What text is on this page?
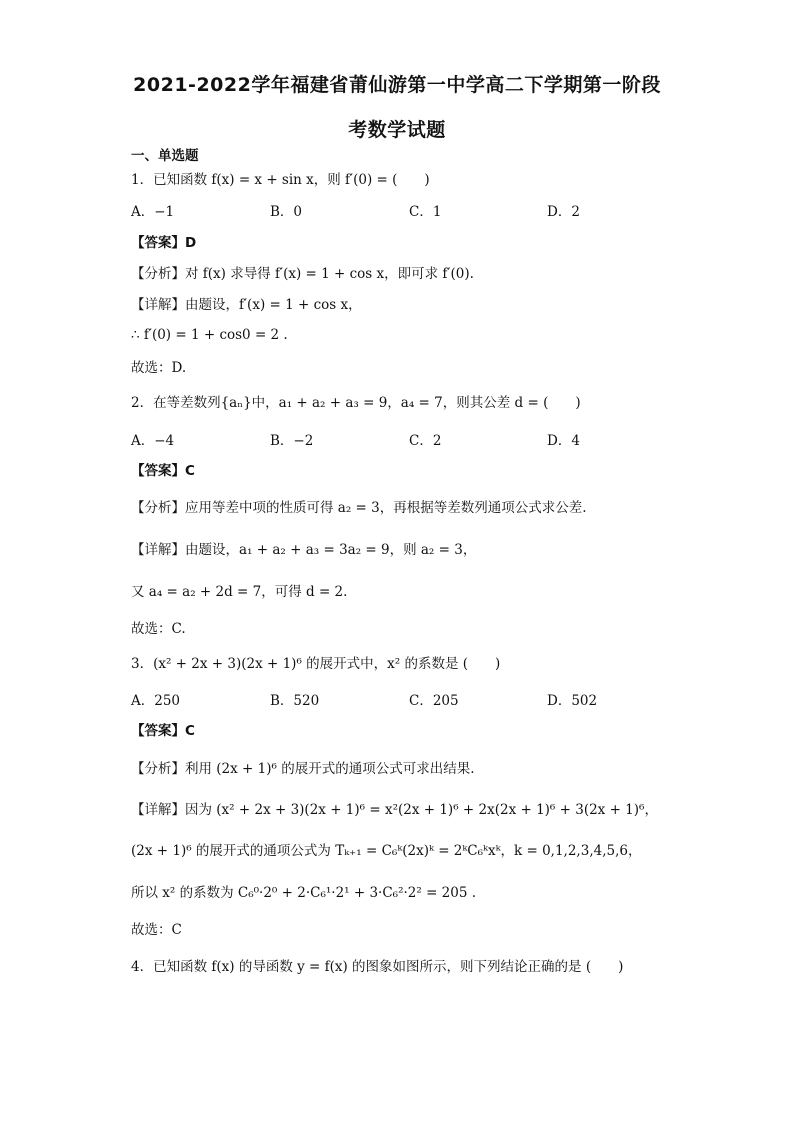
2021-2022学年福建省莆仙游第一中学高二下学期第一阶段
考数学试题
一、单选题
1．已知函数 f(x) = x + sin x，则 f′(0) = (　　)
A．−1	B．0	C．1	D．2
【答案】D
【分析】对 f(x) 求导得 f′(x) = 1 + cos x，即可求 f′(0).
【详解】由题设，f′(x) = 1 + cos x，
∴ f′(0) = 1 + cos0 = 2 .
故选：D.
2．在等差数列{aₙ}中，a₁ + a₂ + a₃ = 9，a₄ = 7，则其公差 d = (　　)
A．−4	B．−2	C．2	D．4
【答案】C
【分析】应用等差中项的性质可得 a₂ = 3，再根据等差数列通项公式求公差.
【详解】由题设，a₁ + a₂ + a₃ = 3a₂ = 9，则 a₂ = 3，
又 a₄ = a₂ + 2d = 7，可得 d = 2.
故选：C.
3．(x² + 2x + 3)(2x + 1)⁶ 的展开式中，x² 的系数是 (　　)
A．250	B．520	C．205	D．502
【答案】C
【分析】利用 (2x + 1)⁶ 的展开式的通项公式可求出结果.
【详解】因为 (x² + 2x + 3)(2x + 1)⁶ = x²(2x + 1)⁶ + 2x(2x + 1)⁶ + 3(2x + 1)⁶，
(2x + 1)⁶ 的展开式的通项公式为 Tₖ₊₁ = C₆ᵏ(2x)ᵏ = 2ᵏC₆ᵏxᵏ，k = 0,1,2,3,4,5,6，
所以 x² 的系数为 C₆⁰·2⁰ + 2·C₆¹·2¹ + 3·C₆²·2² = 205 .
故选：C
4．已知函数 f(x) 的导函数 y = f(x) 的图象如图所示，则下列结论正确的是 (　　)
